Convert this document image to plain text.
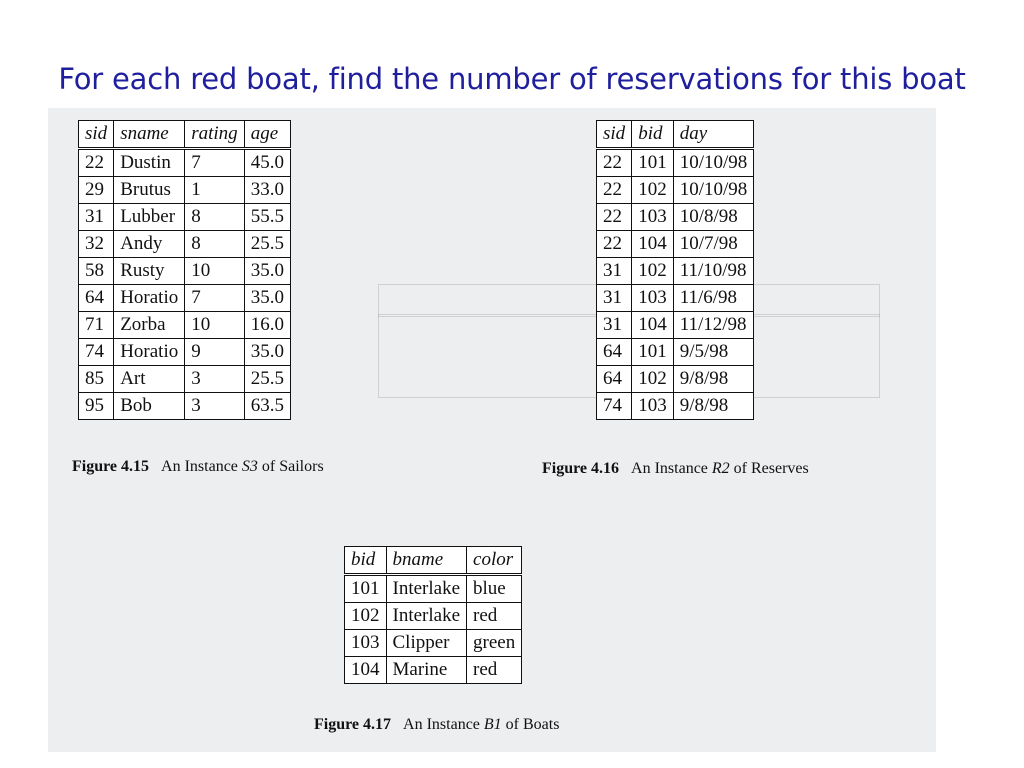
For each red boat, find the number of reservations for this boat
sid	sname	rating	age
22	Dustin	7	45.0
29	Brutus	1	33.0
31	Lubber	8	55.5
32	Andy	8	25.5
58	Rusty	10	35.0
64	Horatio	7	35.0
71	Zorba	10	16.0
74	Horatio	9	35.0
85	Art	3	25.5
95	Bob	3	63.5
Figure 4.15 An Instance S3 of Sailors
sid	bid	day
22	101	10/10/98
22	102	10/10/98
22	103	10/8/98
22	104	10/7/98
31	102	11/10/98
31	103	11/6/98
31	104	11/12/98
64	101	9/5/98
64	102	9/8/98
74	103	9/8/98
Figure 4.16 An Instance R2 of Reserves
bid	bname	color
101	Interlake	blue
102	Interlake	red
103	Clipper	green
104	Marine	red
Figure 4.17 An Instance B1 of Boats
